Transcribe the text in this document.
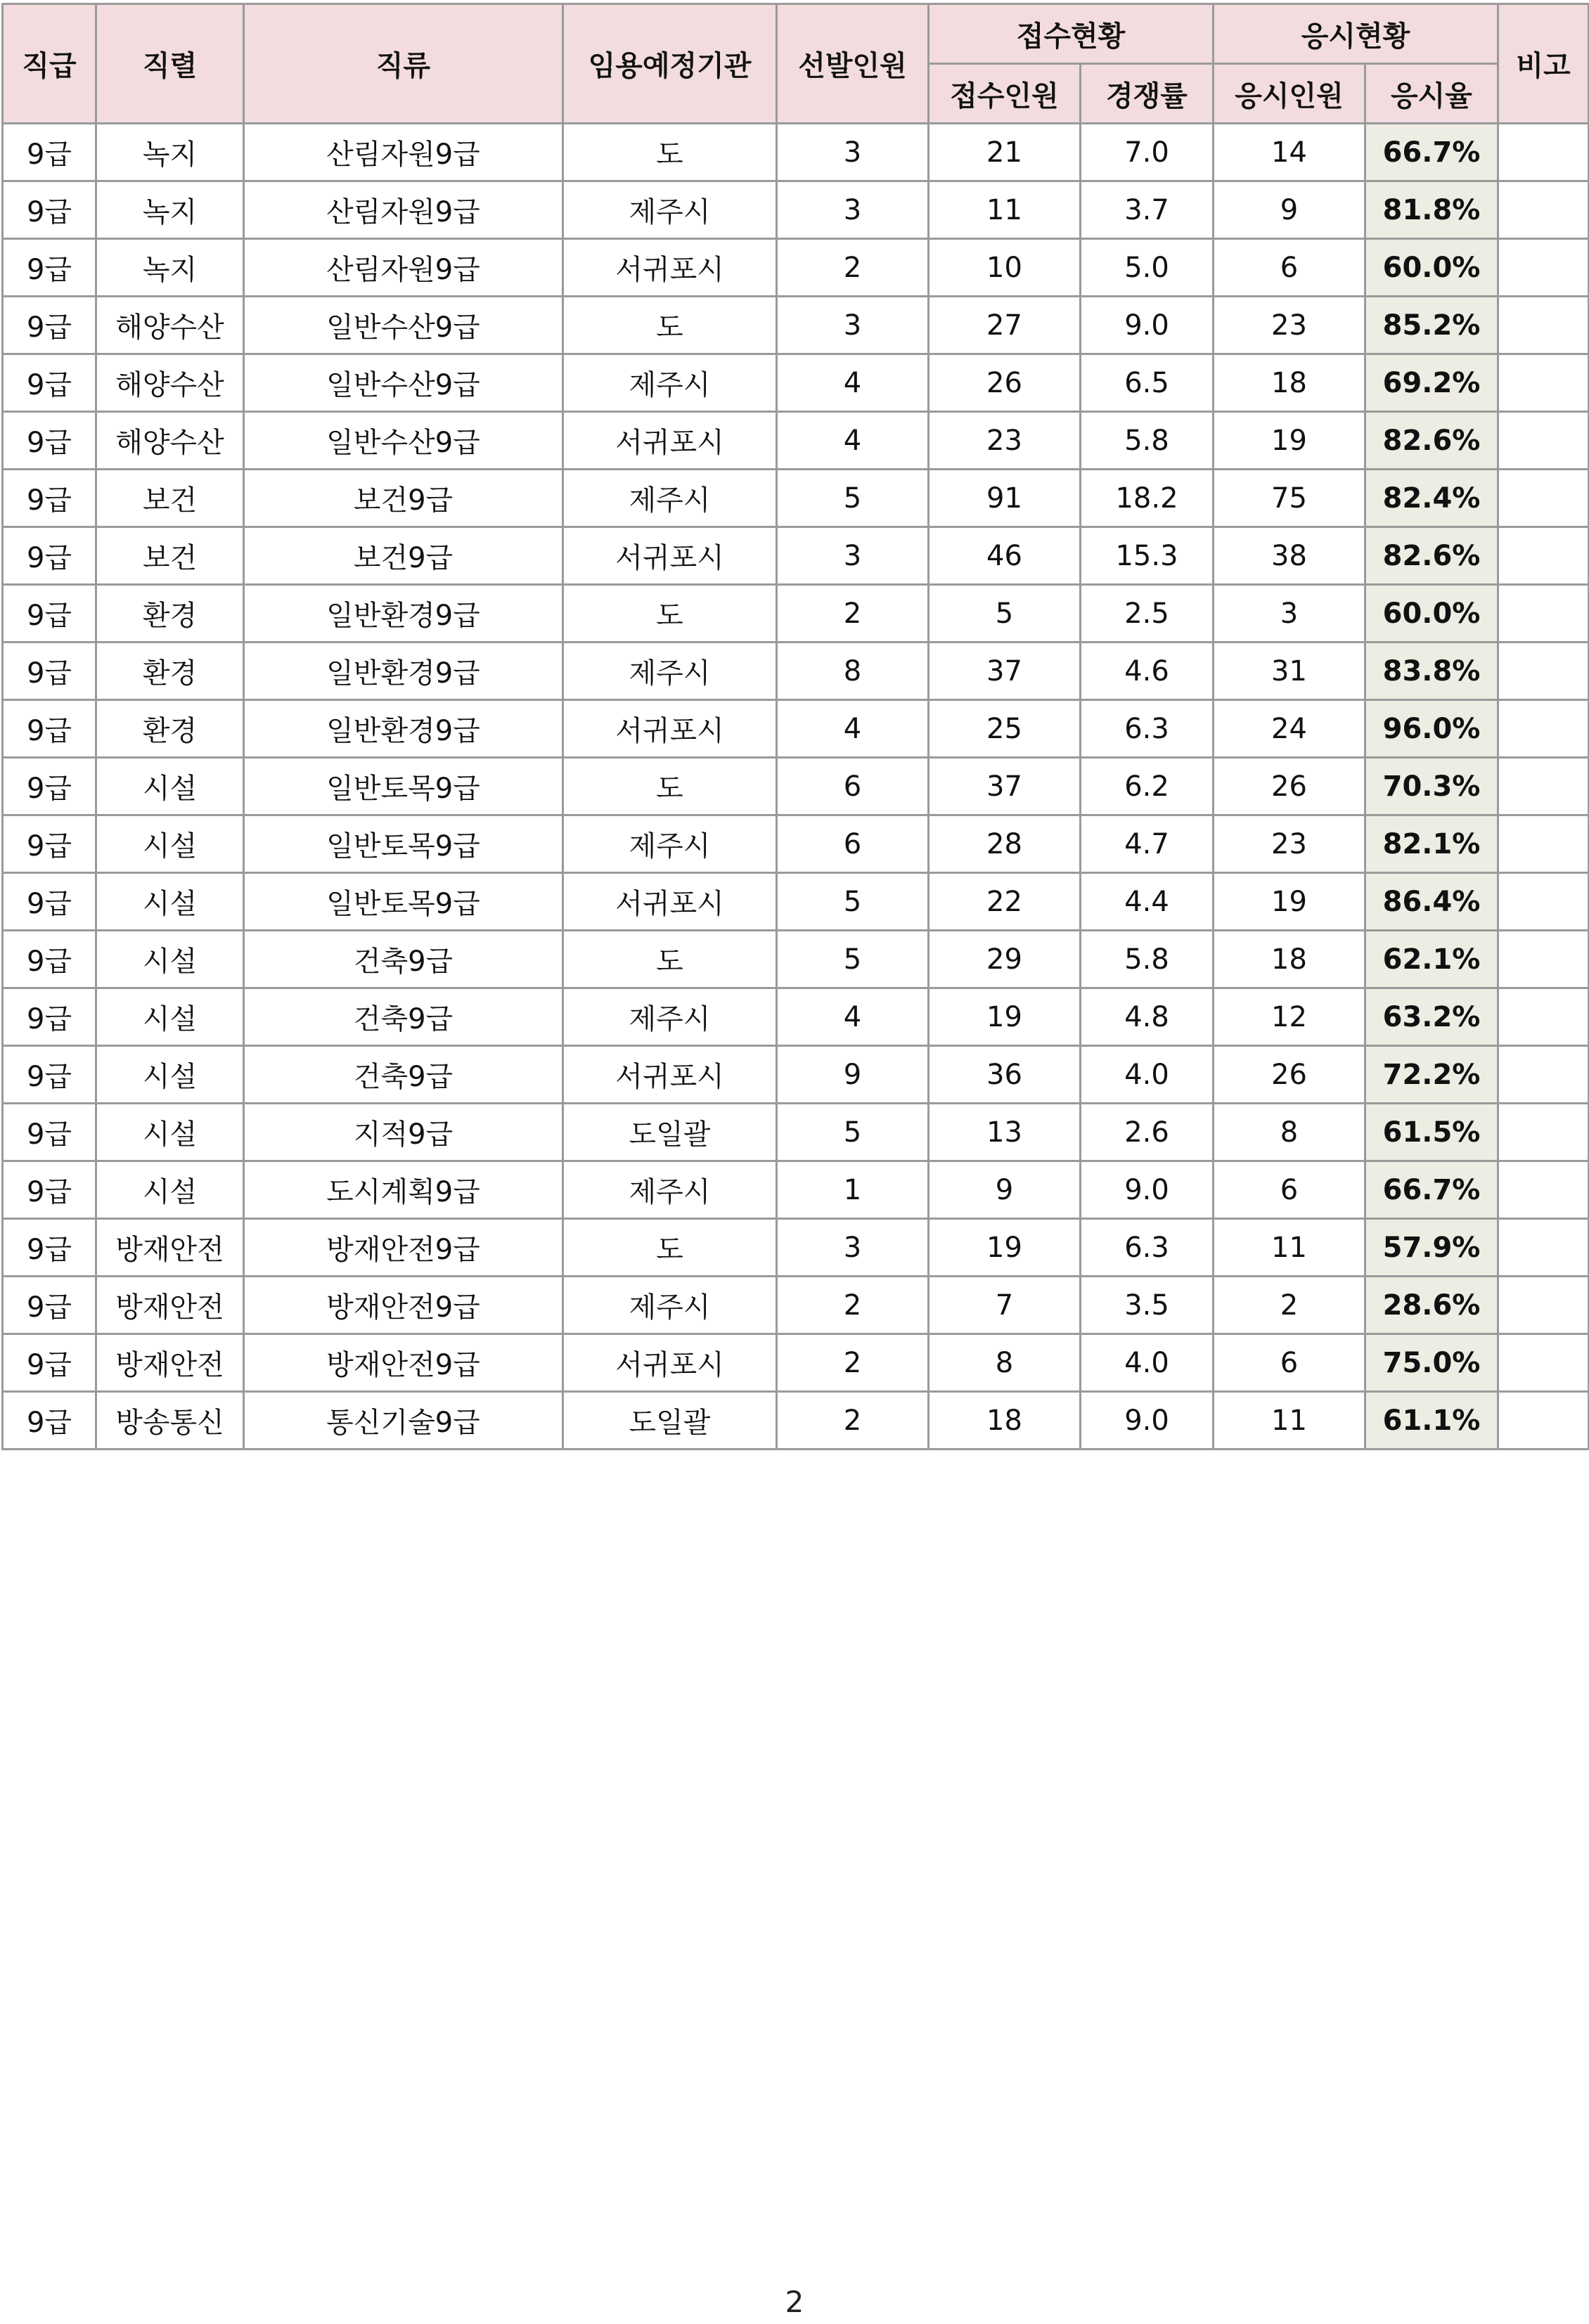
직급	직렬	직류	임용예정기관	선발인원	접수현황		응시현황		비고
					접수인원	경쟁률	응시인원	응시율	
9급	녹지	산림자원9급	도	3	21	7.0	14	66.7%	
9급	녹지	산림자원9급	제주시	3	11	3.7	9	81.8%	
9급	녹지	산림자원9급	서귀포시	2	10	5.0	6	60.0%	
9급	해양수산	일반수산9급	도	3	27	9.0	23	85.2%	
9급	해양수산	일반수산9급	제주시	4	26	6.5	18	69.2%	
9급	해양수산	일반수산9급	서귀포시	4	23	5.8	19	82.6%	
9급	보건	보건9급	제주시	5	91	18.2	75	82.4%	
9급	보건	보건9급	서귀포시	3	46	15.3	38	82.6%	
9급	환경	일반환경9급	도	2	5	2.5	3	60.0%	
9급	환경	일반환경9급	제주시	8	37	4.6	31	83.8%	
9급	환경	일반환경9급	서귀포시	4	25	6.3	24	96.0%	
9급	시설	일반토목9급	도	6	37	6.2	26	70.3%	
9급	시설	일반토목9급	제주시	6	28	4.7	23	82.1%	
9급	시설	일반토목9급	서귀포시	5	22	4.4	19	86.4%	
9급	시설	건축9급	도	5	29	5.8	18	62.1%	
9급	시설	건축9급	제주시	4	19	4.8	12	63.2%	
9급	시설	건축9급	서귀포시	9	36	4.0	26	72.2%	
9급	시설	지적9급	도일괄	5	13	2.6	8	61.5%	
9급	시설	도시계획9급	제주시	1	9	9.0	6	66.7%	
9급	방재안전	방재안전9급	도	3	19	6.3	11	57.9%	
9급	방재안전	방재안전9급	제주시	2	7	3.5	2	28.6%	
9급	방재안전	방재안전9급	서귀포시	2	8	4.0	6	75.0%	
9급	방송통신	통신기술9급	도일괄	2	18	9.0	11	61.1%	
2
